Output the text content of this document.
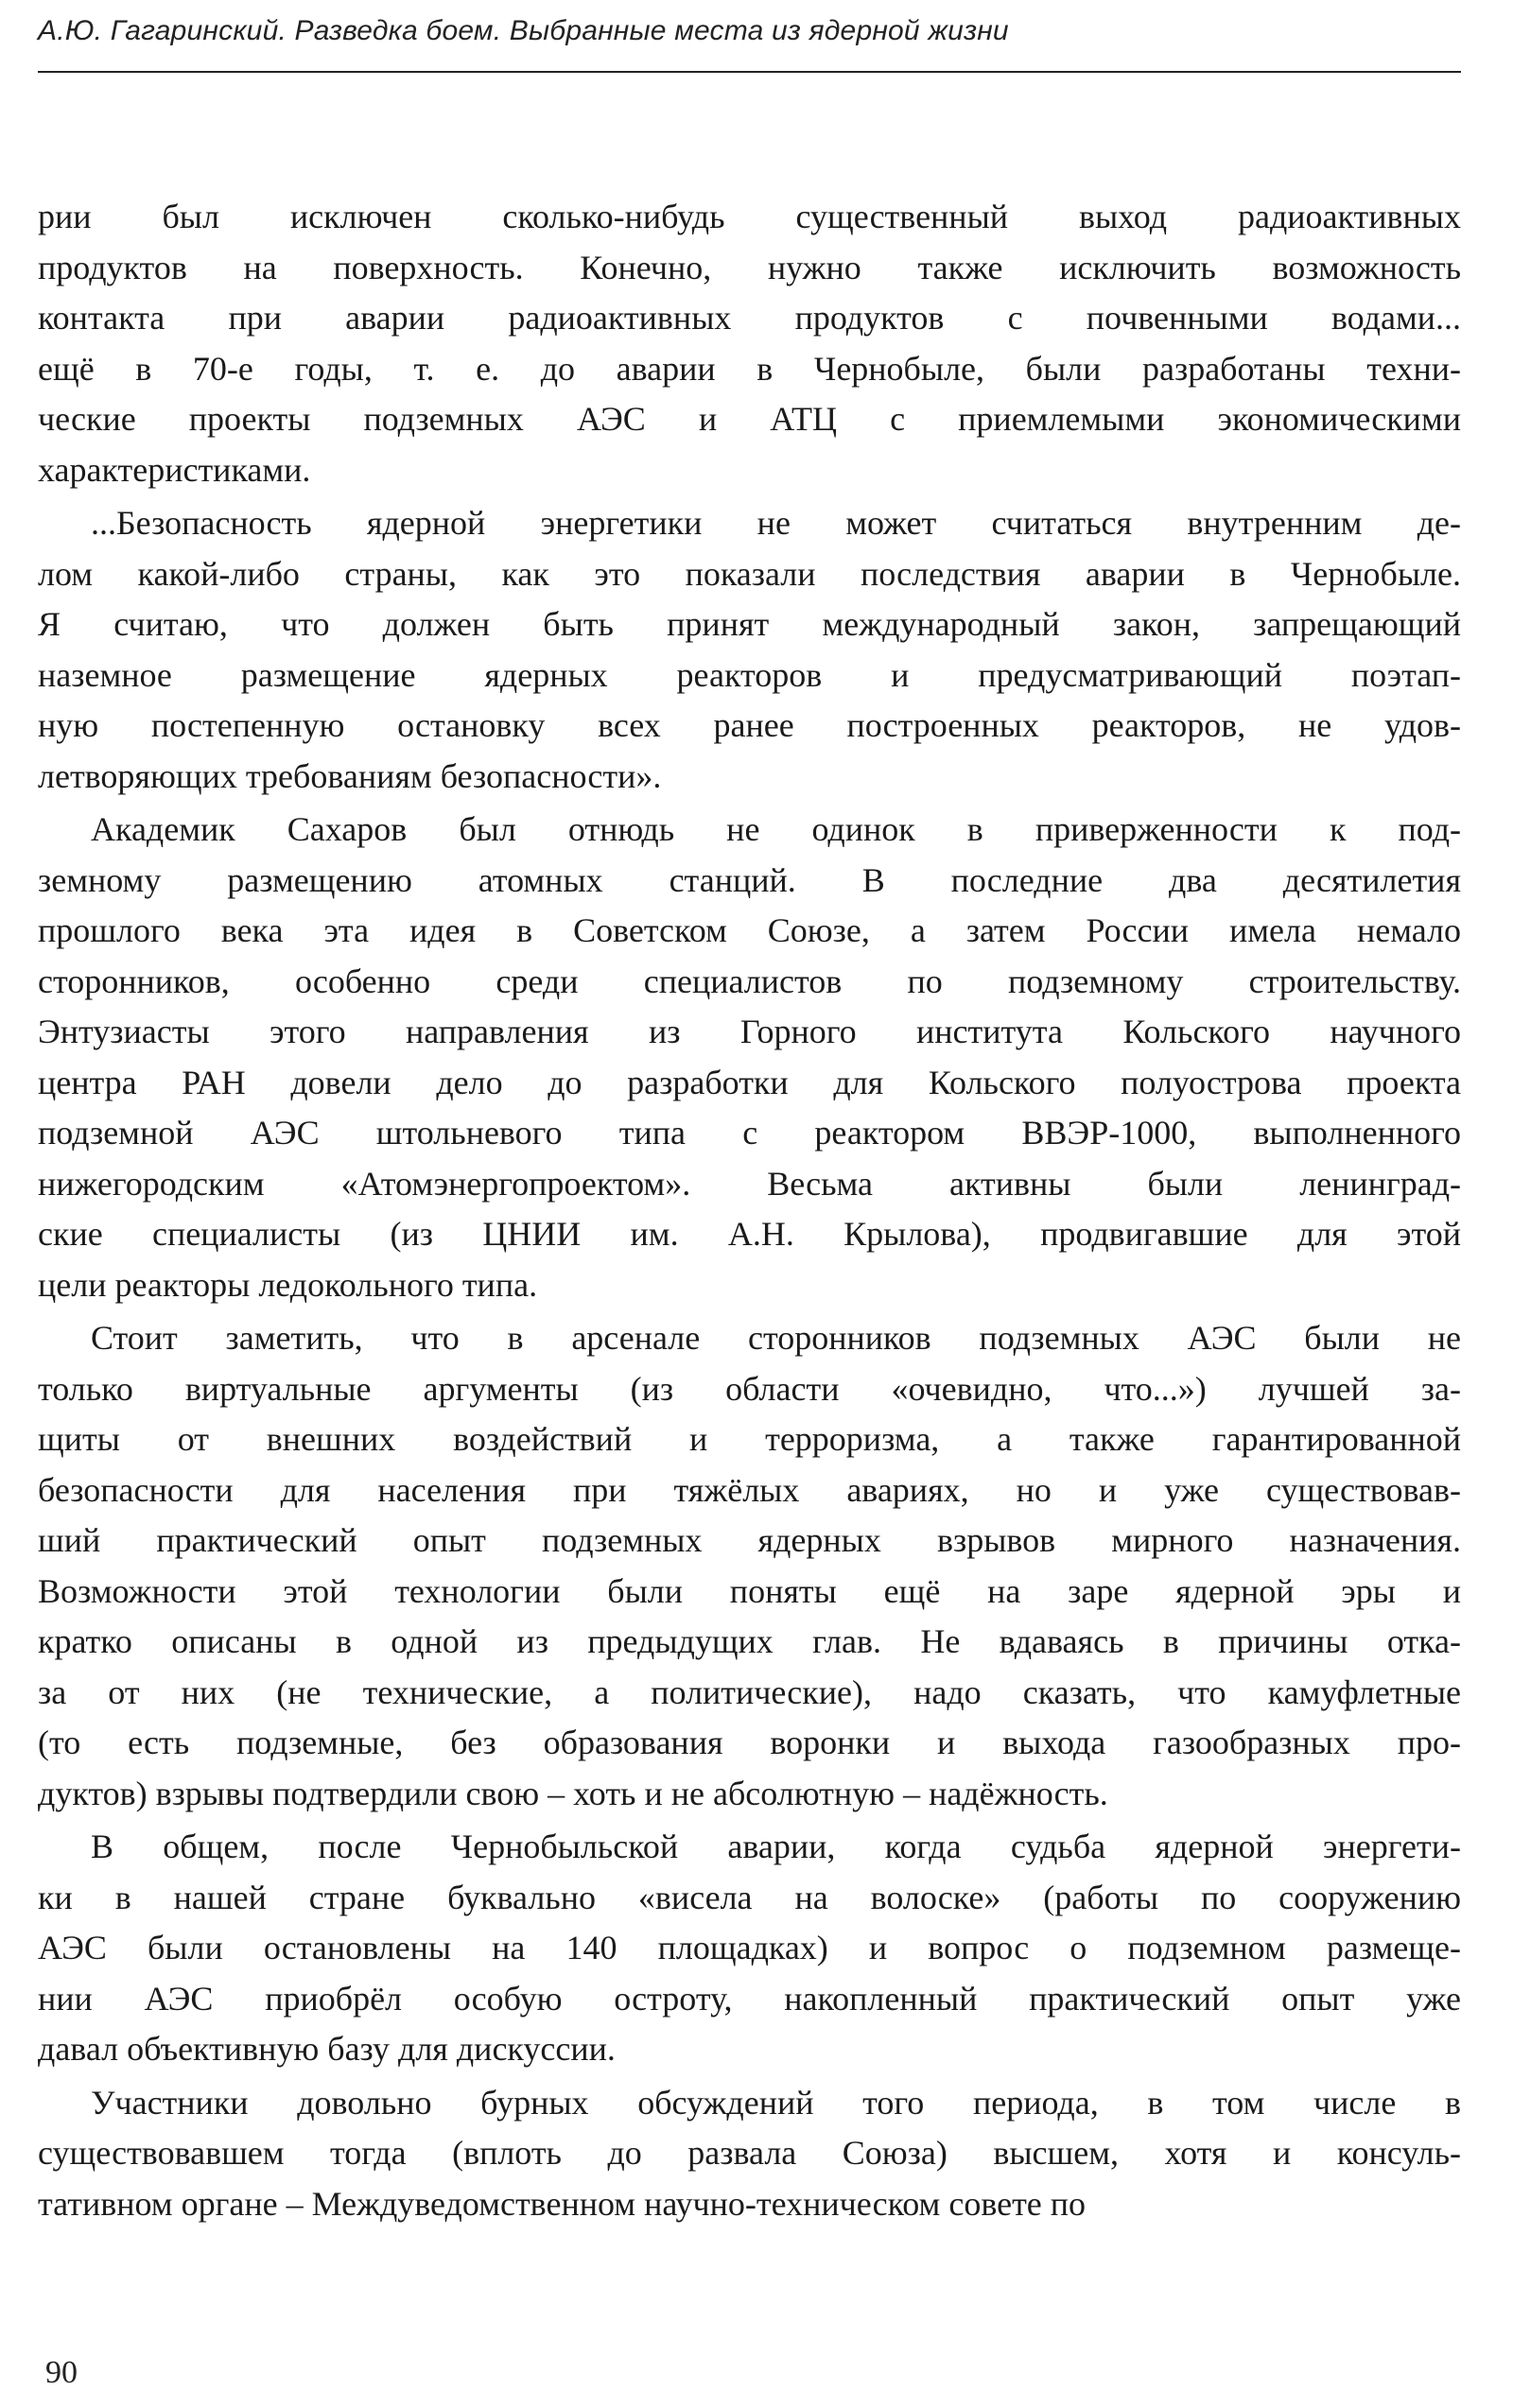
А.Ю. Гагаринский. Разведка боем. Выбранные места из ядерной жизни
рии был исключен сколько-нибудь существенный выход радиоактивных
продуктов на поверхность. Конечно, нужно также исключить возможность
контакта при аварии радиоактивных продуктов с почвенными водами...
ещё в 70-е годы, т. е. до аварии в Чернобыле, были разработаны техни-
ческие проекты подземных АЭС и АТЦ с приемлемыми экономическими
характеристиками.
...Безопасность ядерной энергетики не может считаться внутренним де-
лом какой-либо страны, как это показали последствия аварии в Чернобыле.
Я считаю, что должен быть принят международный закон, запрещающий
наземное размещение ядерных реакторов и предусматривающий поэтап-
ную постепенную остановку всех ранее построенных реакторов, не удов-
летворяющих требованиям безопасности».
Академик Сахаров был отнюдь не одинок в приверженности к под-
земному размещению атомных станций. В последние два десятилетия
прошлого века эта идея в Советском Союзе, а затем России имела немало
сторонников, особенно среди специалистов по подземному строительству.
Энтузиасты этого направления из Горного института Кольского научного
центра РАН довели дело до разработки для Кольского полуострова проекта
подземной АЭС штольневого типа с реактором ВВЭР-1000, выполненного
нижегородским «Атомэнергопроектом». Весьма активны были ленинград-
ские специалисты (из ЦНИИ им. А.Н. Крылова), продвигавшие для этой
цели реакторы ледокольного типа.
Стоит заметить, что в арсенале сторонников подземных АЭС были не
только виртуальные аргументы (из области «очевидно, что...») лучшей за-
щиты от внешних воздействий и терроризма, а также гарантированной
безопасности для населения при тяжёлых авариях, но и уже существовав-
ший практический опыт подземных ядерных взрывов мирного назначения.
Возможности этой технологии были поняты ещё на заре ядерной эры и
кратко описаны в одной из предыдущих глав. Не вдаваясь в причины отка-
за от них (не технические, а политические), надо сказать, что камуфлетные
(то есть подземные, без образования воронки и выхода газообразных про-
дуктов) взрывы подтвердили свою – хоть и не абсолютную – надёжность.
В общем, после Чернобыльской аварии, когда судьба ядерной энергети-
ки в нашей стране буквально «висела на волоске» (работы по сооружению
АЭС были остановлены на 140 площадках) и вопрос о подземном размеще-
нии АЭС приобрёл особую остроту, накопленный практический опыт уже
давал объективную базу для дискуссии.
Участники довольно бурных обсуждений того периода, в том числе в
существовавшем тогда (вплоть до развала Союза) высшем, хотя и консуль-
тативном органе – Междуведомственном научно-техническом совете по
90
